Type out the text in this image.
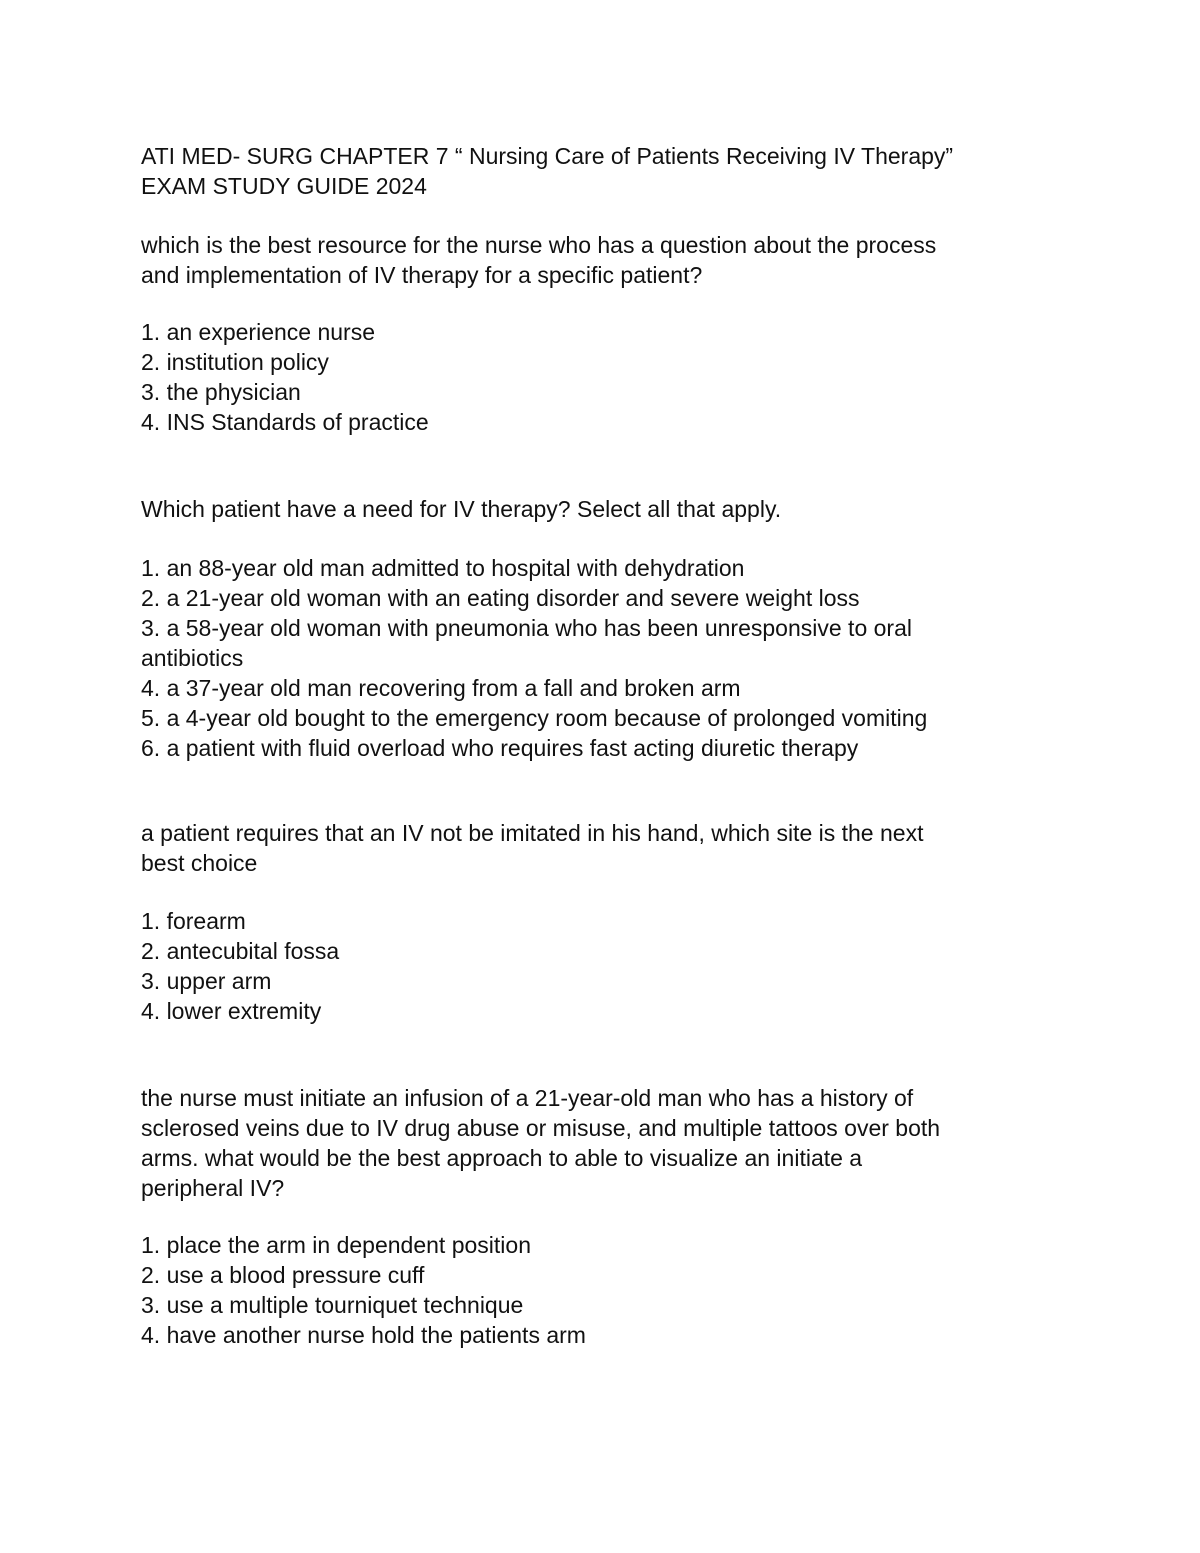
ATI MED- SURG CHAPTER 7 “ Nursing Care of Patients Receiving IV Therapy”
EXAM STUDY GUIDE 2024
which is the best resource for the nurse who has a question about the process
and implementation of IV therapy for a specific patient?
1. an experience nurse
2. institution policy
3. the physician
4. INS Standards of practice
Which patient have a need for IV therapy? Select all that apply.
1. an 88-year old man admitted to hospital with dehydration
2. a 21-year old woman with an eating disorder and severe weight loss
3. a 58-year old woman with pneumonia who has been unresponsive to oral
antibiotics
4. a 37-year old man recovering from a fall and broken arm
5. a 4-year old bought to the emergency room because of prolonged vomiting
6. a patient with fluid overload who requires fast acting diuretic therapy
a patient requires that an IV not be imitated in his hand, which site is the next
best choice
1. forearm
2. antecubital fossa
3. upper arm
4. lower extremity
the nurse must initiate an infusion of a 21-year-old man who has a history of
sclerosed veins due to IV drug abuse or misuse, and multiple tattoos over both
arms. what would be the best approach to able to visualize an initiate a
peripheral IV?
1. place the arm in dependent position
2. use a blood pressure cuff
3. use a multiple tourniquet technique
4. have another nurse hold the patients arm
